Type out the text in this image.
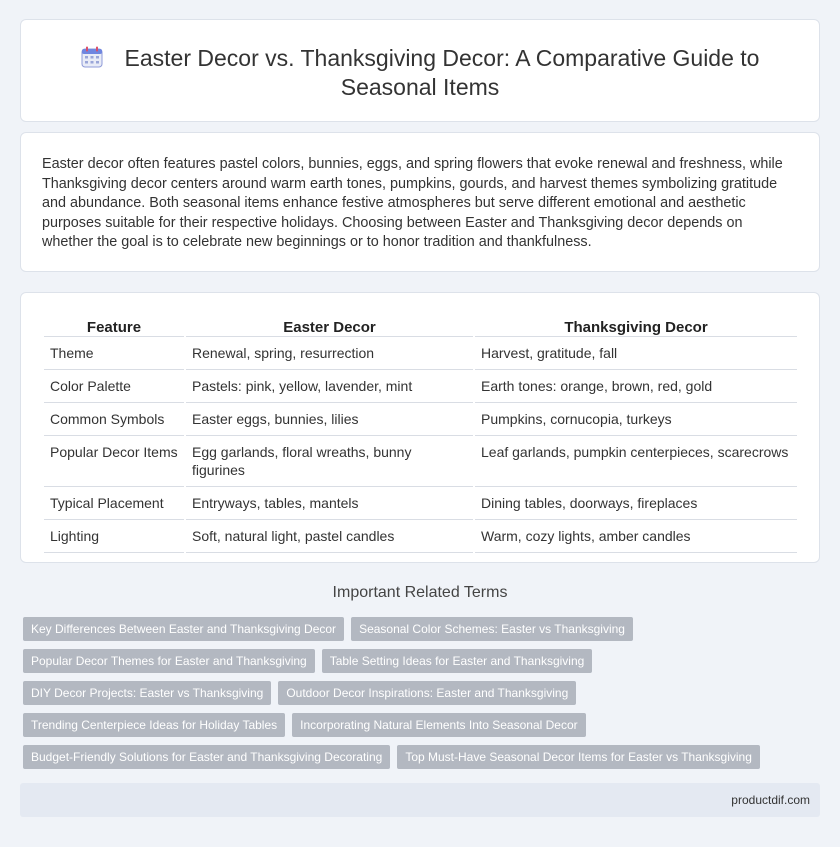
Easter Decor vs. Thanksgiving Decor: A Comparative Guide to Seasonal Items

Easter decor often features pastel colors, bunnies, eggs, and spring flowers that evoke renewal and freshness, while Thanksgiving decor centers around warm earth tones, pumpkins, gourds, and harvest themes symbolizing gratitude and abundance. Both seasonal items enhance festive atmospheres but serve different emotional and aesthetic purposes suitable for their respective holidays. Choosing between Easter and Thanksgiving decor depends on whether the goal is to celebrate new beginnings or to honor tradition and thankfulness.

Feature	Easter Decor	Thanksgiving Decor
Theme	Renewal, spring, resurrection	Harvest, gratitude, fall
Color Palette	Pastels: pink, yellow, lavender, mint	Earth tones: orange, brown, red, gold
Common Symbols	Easter eggs, bunnies, lilies	Pumpkins, cornucopia, turkeys
Popular Decor Items	Egg garlands, floral wreaths, bunny figurines	Leaf garlands, pumpkin centerpieces, scarecrows
Typical Placement	Entryways, tables, mantels	Dining tables, doorways, fireplaces
Lighting	Soft, natural light, pastel candles	Warm, cozy lights, amber candles
Important Related Terms
Key Differences Between Easter and Thanksgiving Decor Seasonal Color Schemes: Easter vs Thanksgiving
Popular Decor Themes for Easter and Thanksgiving Table Setting Ideas for Easter and Thanksgiving
DIY Decor Projects: Easter vs Thanksgiving Outdoor Decor Inspirations: Easter and Thanksgiving
Trending Centerpiece Ideas for Holiday Tables Incorporating Natural Elements Into Seasonal Decor
Budget-Friendly Solutions for Easter and Thanksgiving Decorating Top Must-Have Seasonal Decor Items for Easter vs Thanksgiving
productdif.com
